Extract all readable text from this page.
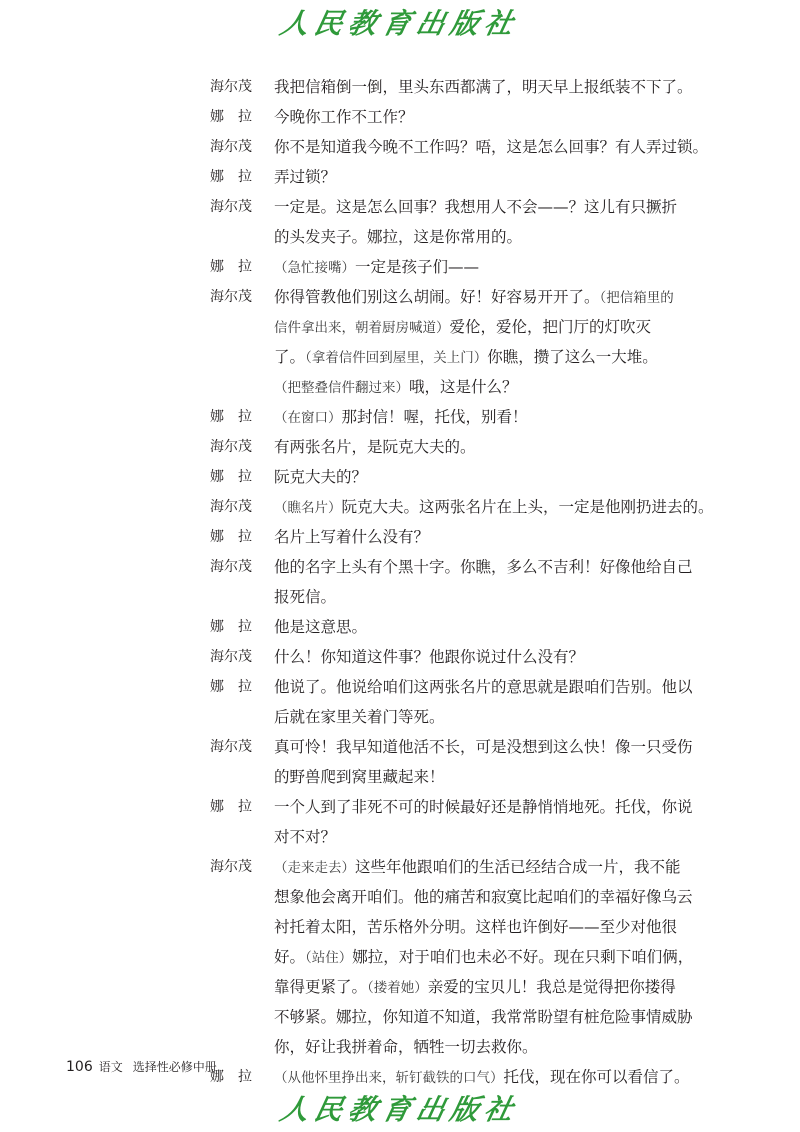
人民教育出版社
海尔茂	我把信箱倒一倒，里头东西都满了，明天早上报纸装不下了。
娜　拉	今晚你工作不工作？
海尔茂	你不是知道我今晚不工作吗？唔，这是怎么回事？有人弄过锁。
娜　拉	弄过锁？
海尔茂	一定是。这是怎么回事？我想用人不会——？这儿有只撅折
的头发夹子。娜拉，这是你常用的。
娜　拉	（急忙接嘴）一定是孩子们——
海尔茂	你得管教他们别这么胡闹。好！好容易开开了。（把信箱里的
信件拿出来，朝着厨房喊道）爱伦，爱伦，把门厅的灯吹灭
了。（拿着信件回到屋里，关上门）你瞧，攒了这么一大堆。
（把整叠信件翻过来）哦，这是什么？
娜　拉	（在窗口）那封信！喔，托伐，别看！
海尔茂	有两张名片，是阮克大夫的。
娜　拉	阮克大夫的？
海尔茂	（瞧名片）阮克大夫。这两张名片在上头，一定是他刚扔进去的。
娜　拉	名片上写着什么没有？
海尔茂	他的名字上头有个黑十字。你瞧，多么不吉利！好像他给自己
报死信。
娜　拉	他是这意思。
海尔茂	什么！你知道这件事？他跟你说过什么没有？
娜　拉	他说了。他说给咱们这两张名片的意思就是跟咱们告别。他以
后就在家里关着门等死。
海尔茂	真可怜！我早知道他活不长，可是没想到这么快！像一只受伤
的野兽爬到窝里藏起来！
娜　拉	一个人到了非死不可的时候最好还是静悄悄地死。托伐，你说
对不对？
海尔茂	（走来走去）这些年他跟咱们的生活已经结合成一片，我不能
想象他会离开咱们。他的痛苦和寂寞比起咱们的幸福好像乌云
衬托着太阳，苦乐格外分明。这样也许倒好——至少对他很
好。（站住）娜拉，对于咱们也未必不好。现在只剩下咱们俩，
靠得更紧了。（搂着她）亲爱的宝贝儿！我总是觉得把你搂得
不够紧。娜拉，你知道不知道，我常常盼望有桩危险事情威胁
你，好让我拼着命，牺牲一切去救你。
娜　拉	（从他怀里挣出来，斩钉截铁的口气）托伐，现在你可以看信了。
106 语文 选择性必修中册
人民教育出版社
